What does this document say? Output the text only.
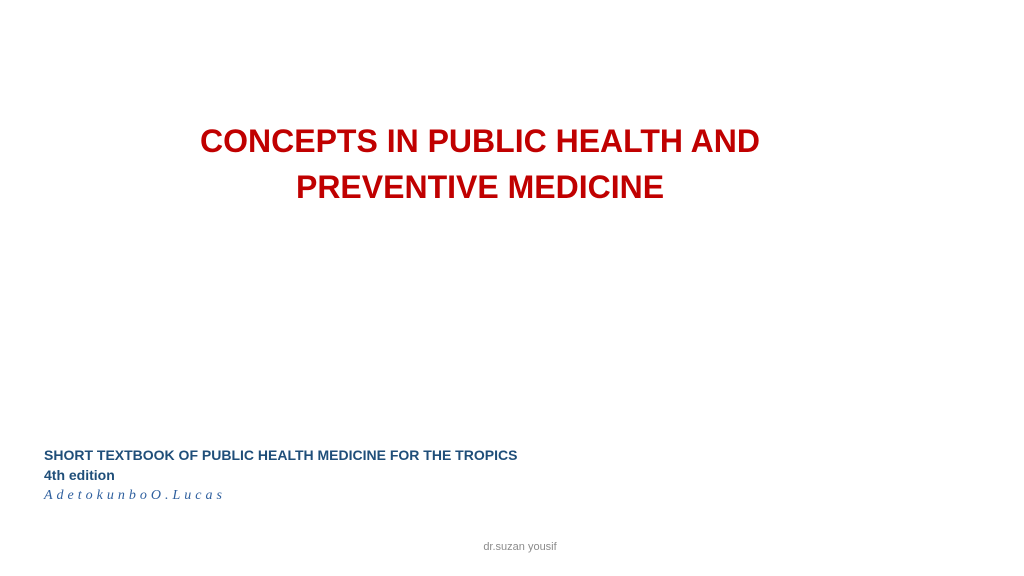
CONCEPTS IN PUBLIC HEALTH AND
PREVENTIVE MEDICINE
SHORT TEXTBOOK OF PUBLIC HEALTH MEDICINE FOR THE TROPICS
4th edition
AdetokunboO.Lucas
dr.suzan yousif
